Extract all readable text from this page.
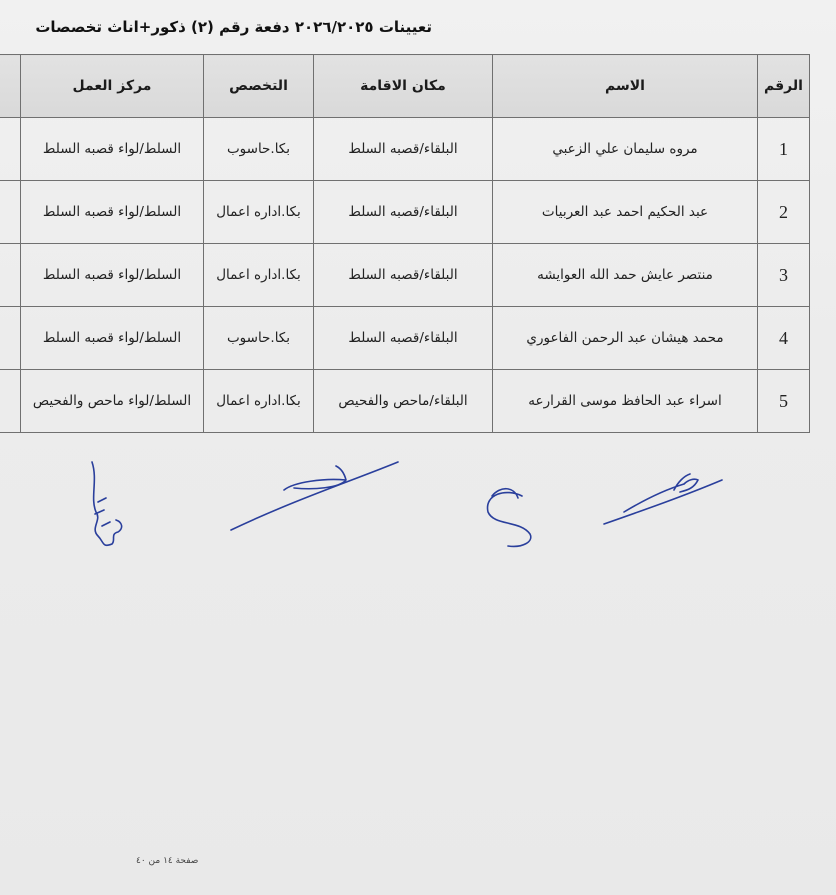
تعيينات ٢٠٢٦/٢٠٢٥ دفعة رقم (٢) ذكور+اناث تخصصات
الرقم	الاسم	مكان الاقامة	التخصص	مركز العمل	
1	مروه سليمان علي الزعبي	البلقاء/قصبه السلط	بكا.حاسوب	السلط/لواء قصبه السلط	
2	عبد الحكيم احمد عبد العربيات	البلقاء/قصبه السلط	بكا.اداره اعمال	السلط/لواء قصبه السلط	
3	منتصر عايش حمد الله العوايشه	البلقاء/قصبه السلط	بكا.اداره اعمال	السلط/لواء قصبه السلط	
4	محمد هيشان عبد الرحمن الفاعوري	البلقاء/قصبه السلط	بكا.حاسوب	السلط/لواء قصبه السلط	
5	اسراء عبد الحافظ موسى القرارعه	البلقاء/ماحص والفحيص	بكا.اداره اعمال	السلط/لواء ماحص والفحيص	
صفحة ١٤ من ٤٠
